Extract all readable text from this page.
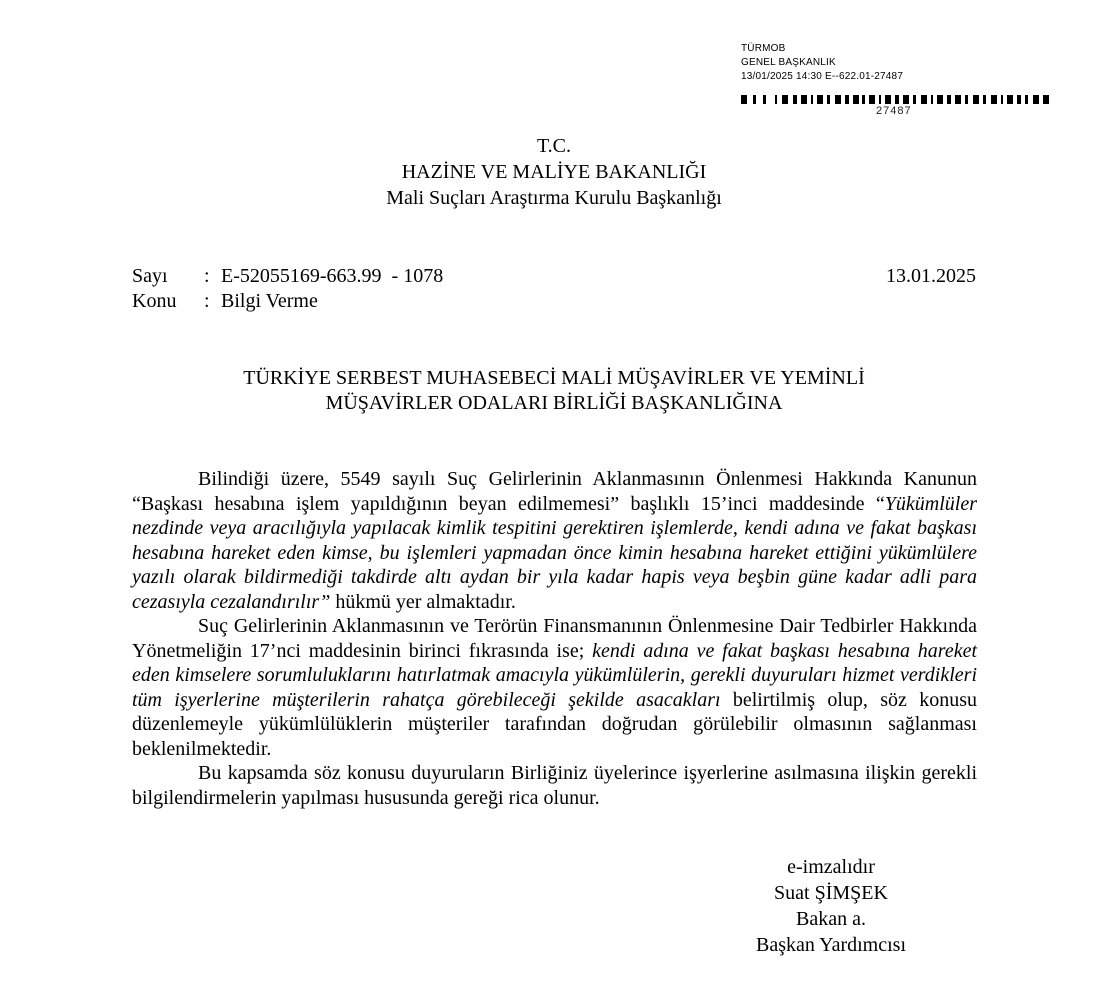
TÜRMOB
GENEL BAŞKANLIK
13/01/2025 14:30 E--622.01-27487
27487
T.C.
HAZİNE VE MALİYE BAKANLIĞI
Mali Suçları Araştırma Kurulu Başkanlığı
Sayı : E-52055169-663.99  - 1078
Konu : Bilgi Verme
13.01.2025
TÜRKİYE SERBEST MUHASEBECİ MALİ MÜŞAVİRLER VE YEMİNLİ
MÜŞAVİRLER ODALARI BİRLİĞİ BAŞKANLIĞINA

Bilindiği üzere, 5549 sayılı Suç Gelirlerinin Aklanmasının Önlenmesi Hakkında Kanunun “Başkası hesabına işlem yapıldığının beyan edilmemesi” başlıklı 15’inci maddesinde “Yükümlüler nezdinde veya aracılığıyla yapılacak kimlik tespitini gerektiren işlemlerde, kendi adına ve fakat başkası hesabına hareket eden kimse, bu işlemleri yapmadan önce kimin hesabına hareket ettiğini yükümlülere yazılı olarak bildirmediği takdirde altı aydan bir yıla kadar hapis veya beşbin güne kadar adli para cezasıyla cezalandırılır” hükmü yer almaktadır.

Suç Gelirlerinin Aklanmasının ve Terörün Finansmanının Önlenmesine Dair Tedbirler Hakkında Yönetmeliğin 17’nci maddesinin birinci fıkrasında ise; kendi adına ve fakat başkası hesabına hareket eden kimselere sorumluluklarını hatırlatmak amacıyla yükümlülerin, gerekli duyuruları hizmet verdikleri tüm işyerlerine müşterilerin rahatça görebileceği şekilde asacakları belirtilmiş olup, söz konusu düzenlemeyle yükümlülüklerin müşteriler tarafından doğrudan görülebilir olmasının sağlanması beklenilmektedir.

Bu kapsamda söz konusu duyuruların Birliğiniz üyelerince işyerlerine asılmasına ilişkin gerekli bilgilendirmelerin yapılması hususunda gereği rica olunur.

e-imzalıdır
Suat ŞİMŞEK
Bakan a.
Başkan Yardımcısı
